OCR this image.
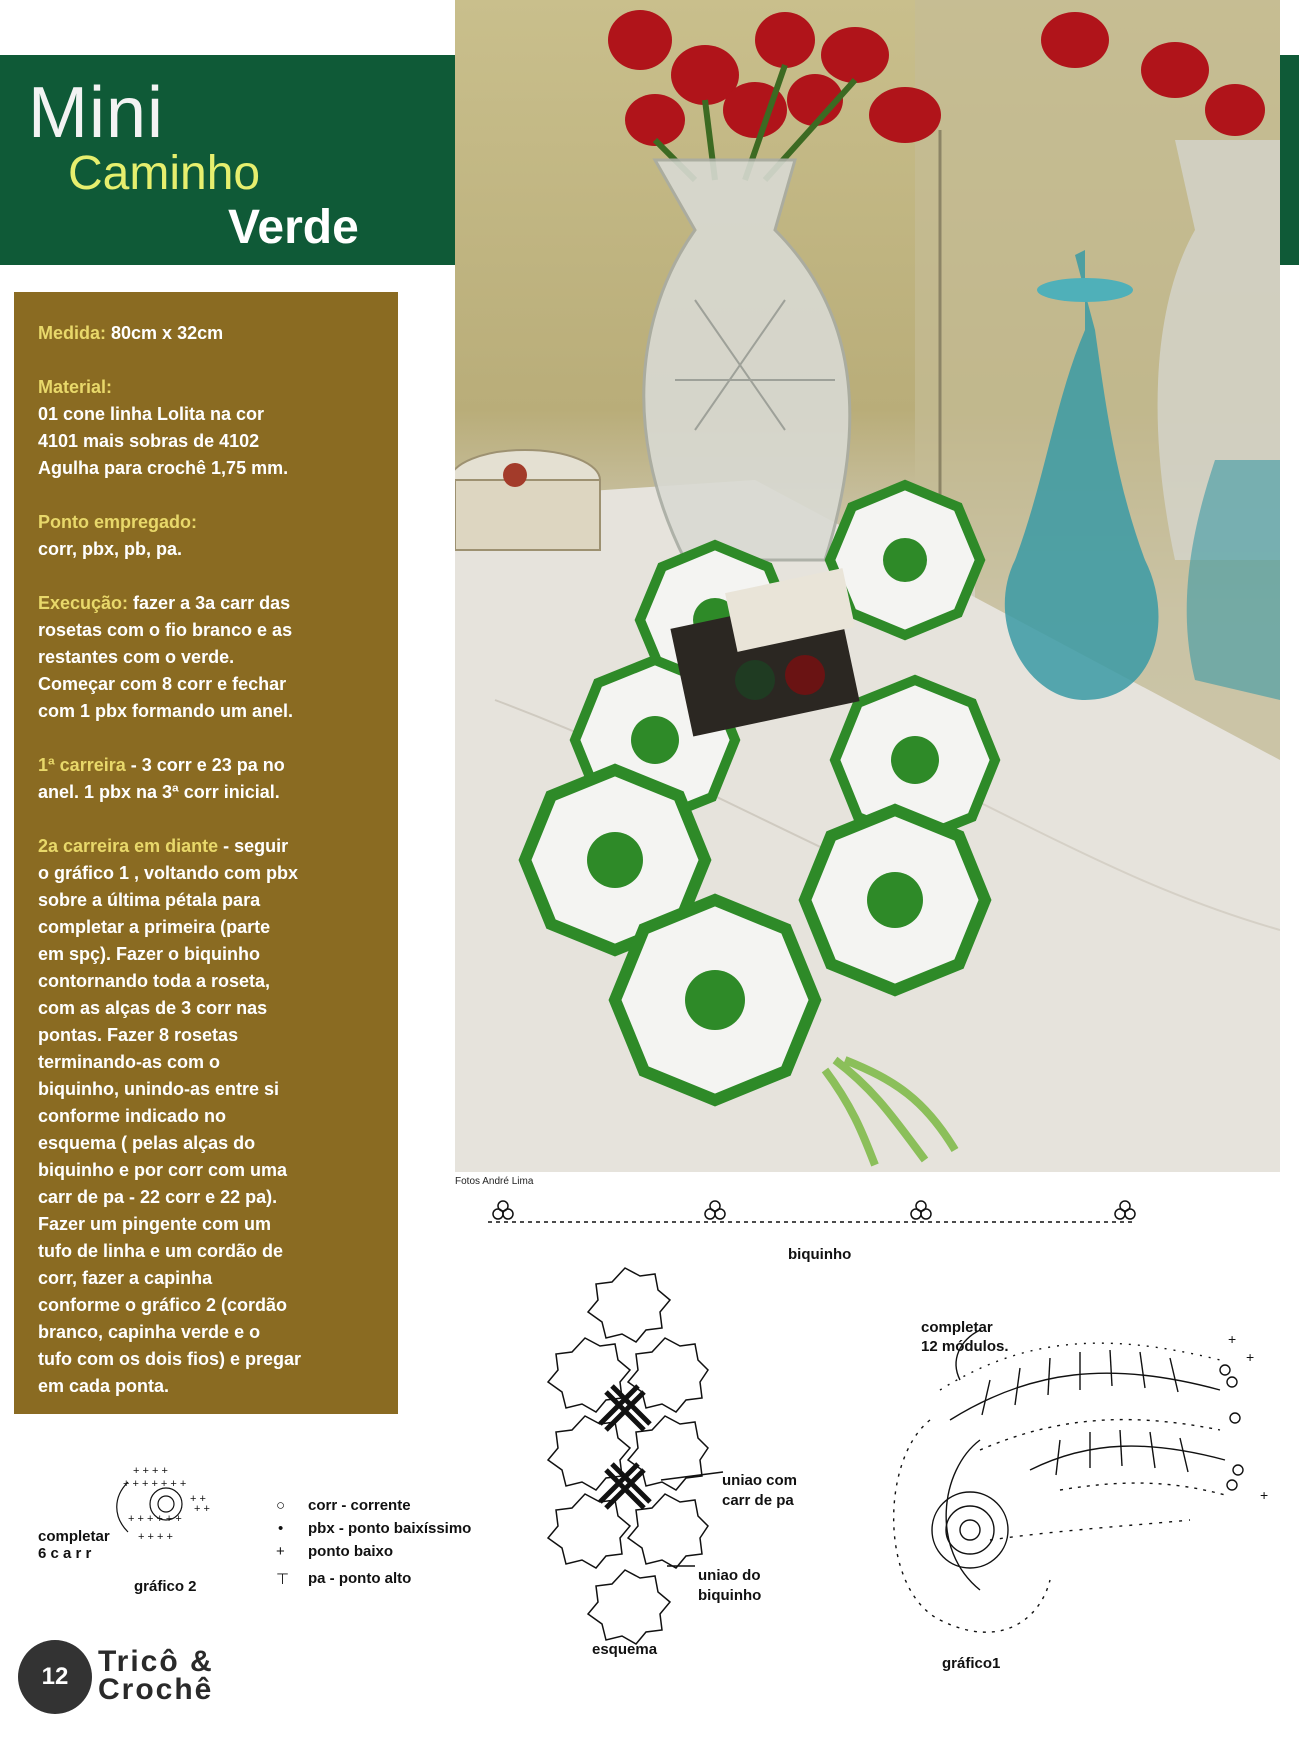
Mini
Caminho
Verde

Medida: 80cm x 32cm

Material:
01 cone linha Lolita na cor
4101 mais sobras de 4102
Agulha para crochê 1,75 mm.

Ponto empregado:
corr, pbx, pb, pa.

Execução: fazer a 3a carr das
rosetas com o fio branco e as
restantes com o verde.
Começar com 8 corr e fechar
com 1 pbx formando um anel.

1ª carreira - 3 corr e 23 pa no
anel. 1 pbx na 3ª corr inicial.

2a carreira em diante - seguir
o gráfico 1 , voltando com pbx
sobre a última pétala para
completar a primeira (parte
em spç). Fazer o biquinho
contornando toda a roseta,
com as alças de 3 corr nas
pontas. Fazer 8 rosetas
terminando-as com o
biquinho, unindo-as entre si
conforme indicado no
esquema ( pelas alças do
biquinho e por corr com uma
carr de pa - 22 corr e 22 pa).
Fazer um pingente com um
tufo de linha e um cordão de
corr, fazer a capinha
conforme o gráfico 2 (cordão
branco, capinha verde e o
tufo com os dois fios) e pregar
em cada ponta.

Fotos André Lima
biquinho
uniao com
carr de pa
uniao do
biquinho
esquema
completar
12 módulos.
+
+
+
gráfico1
+ + + +
+ + + + + + +
+ + + + + +
+ + + +
+ +
+ +
completar
6 c a r r
gráfico 2
○ corr - corrente
• pbx - ponto baixíssimo
+ ponto baixo
⊤ pa - ponto alto
12 Tricô &
Crochê
